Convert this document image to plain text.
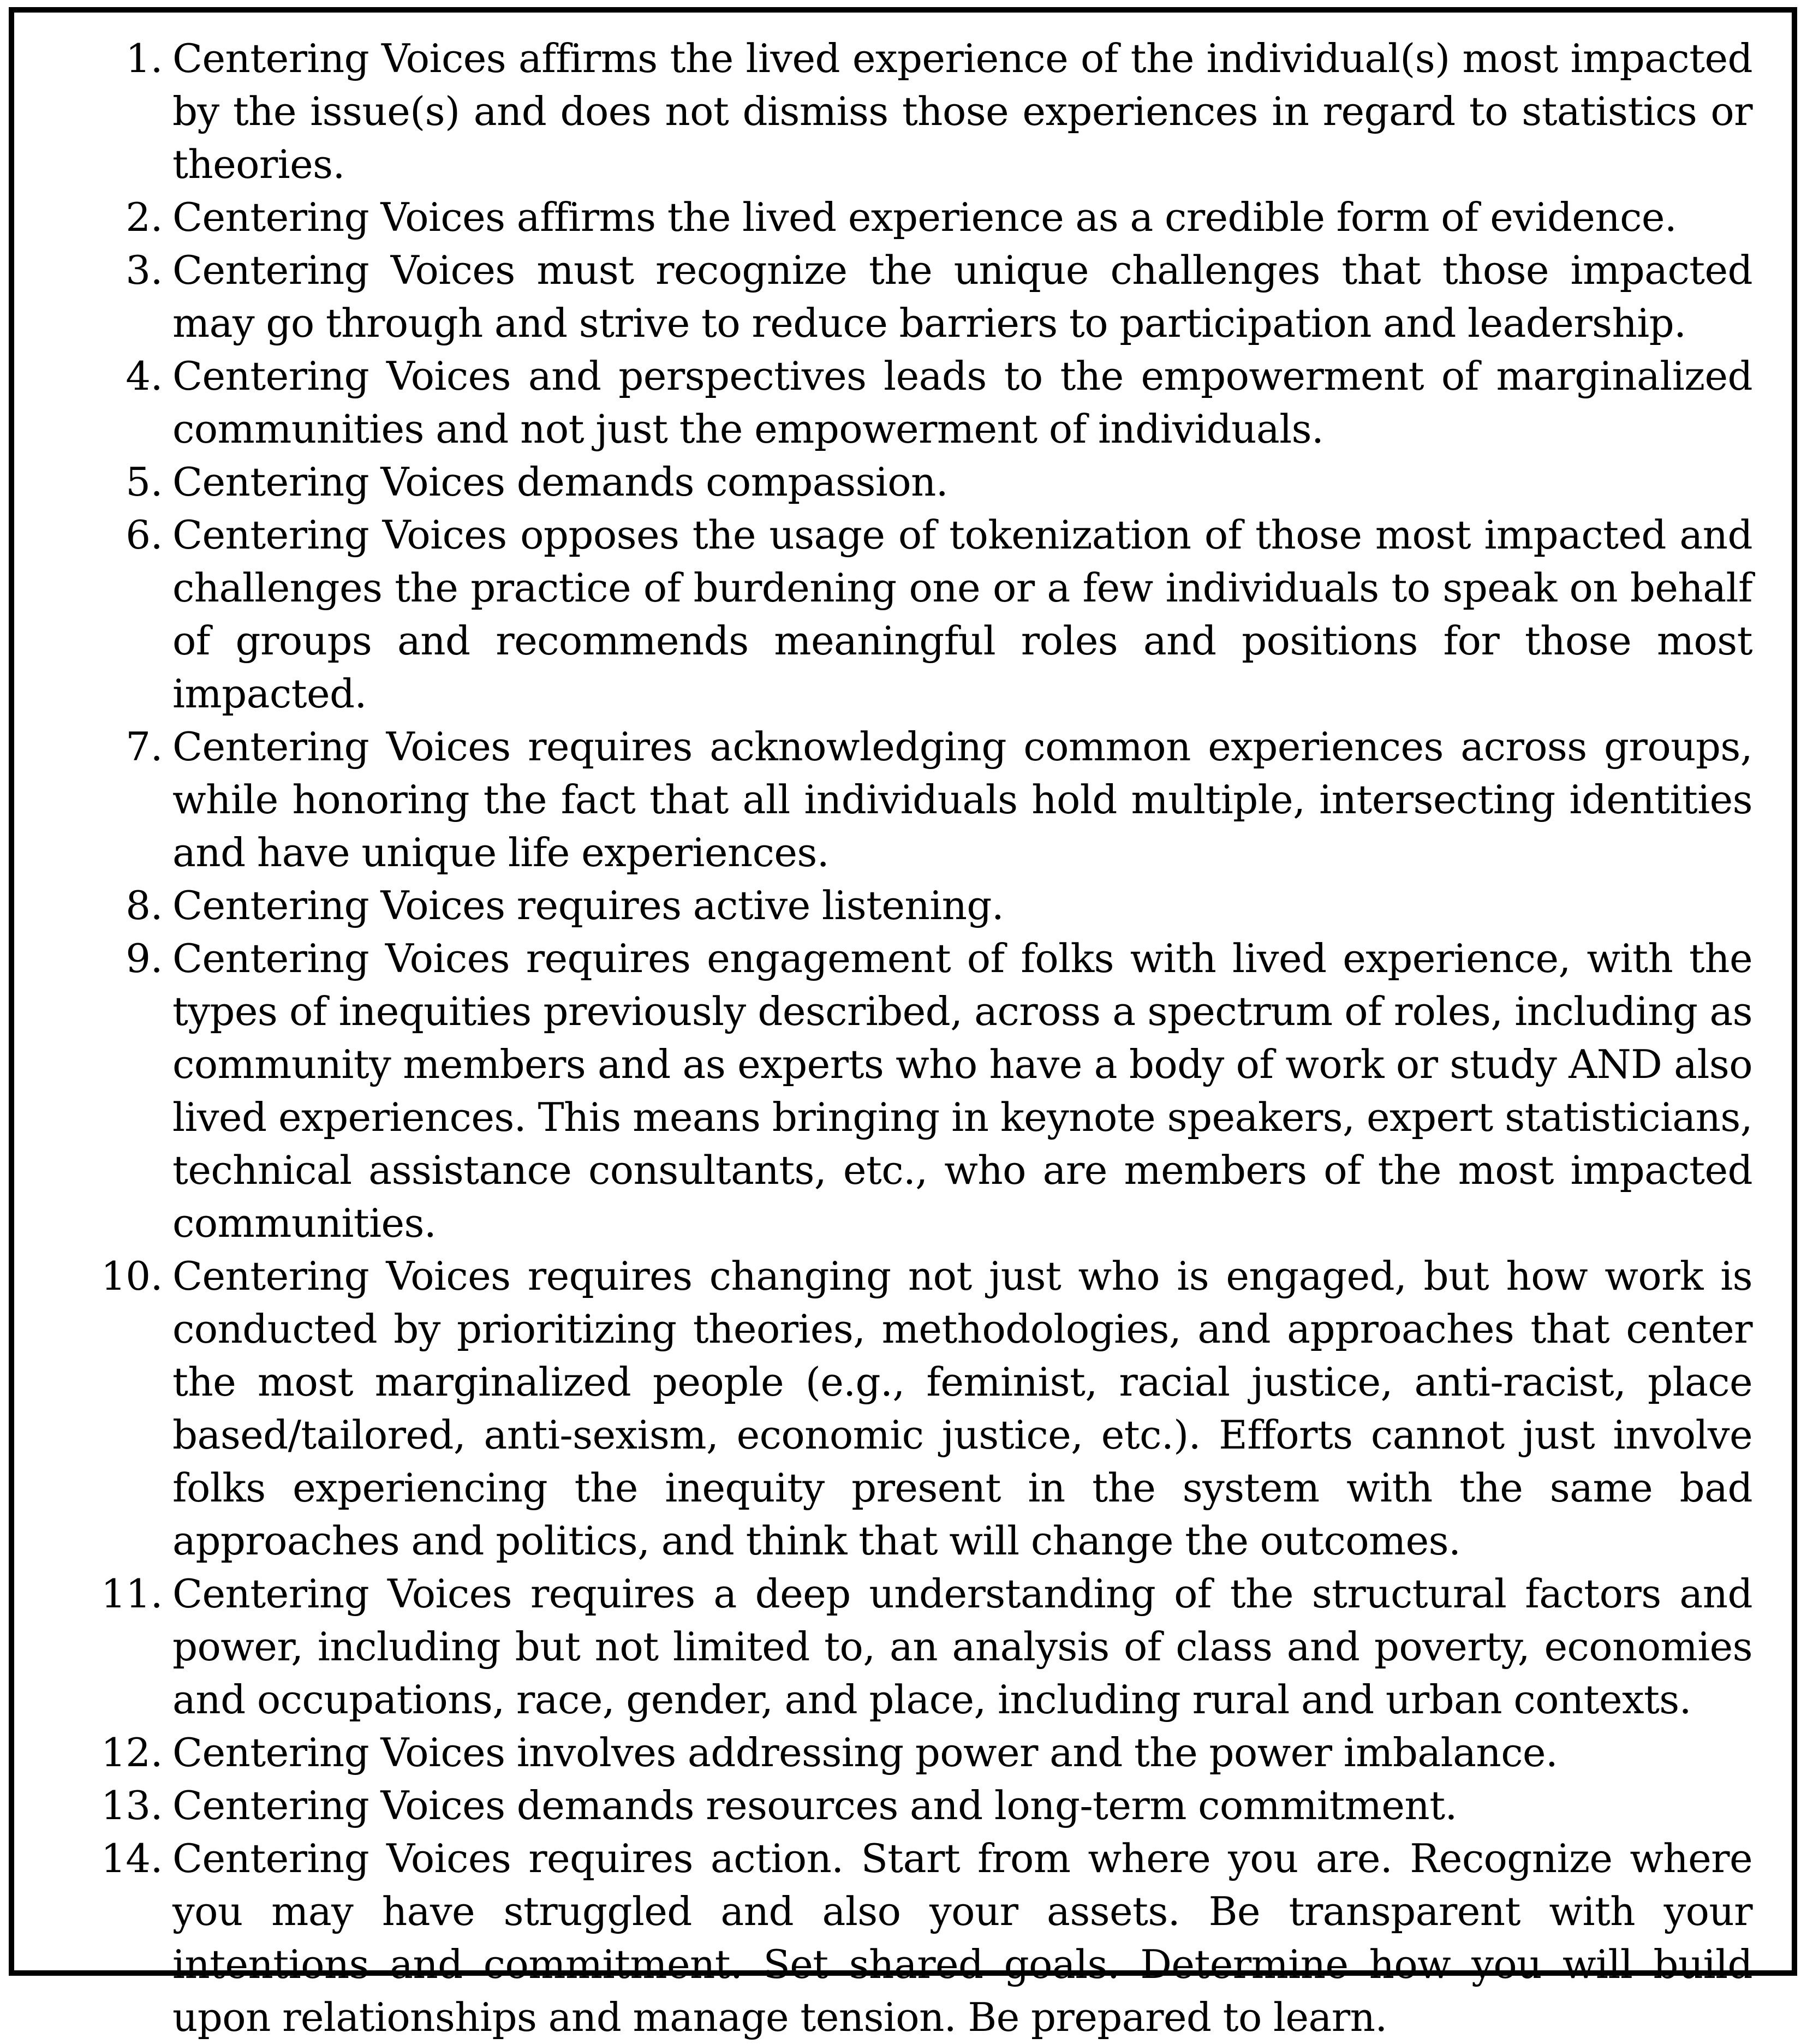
1. Centering Voices affirms the lived experience of the individual(s) most impacted by the issue(s) and does not dismiss those experiences in regard to statistics or theories.
2. Centering Voices affirms the lived experience as a credible form of evidence.
3. Centering Voices must recognize the unique challenges that those impacted may go through and strive to reduce barriers to participation and leadership.
4. Centering Voices and perspectives leads to the empowerment of marginalized communities and not just the empowerment of individuals.
5. Centering Voices demands compassion.
6. Centering Voices opposes the usage of tokenization of those most impacted and challenges the practice of burdening one or a few individuals to speak on behalf of groups and recommends meaningful roles and positions for those most impacted.
7. Centering Voices requires acknowledging common experiences across groups, while honoring the fact that all individuals hold multiple, intersecting identities and have unique life experiences.
8. Centering Voices requires active listening.
9. Centering Voices requires engagement of folks with lived experience, with the types of inequities previously described, across a spectrum of roles, including as community members and as experts who have a body of work or study AND also lived experiences. This means bringing in keynote speakers, expert statisticians, technical assistance consultants, etc., who are members of the most impacted communities.
10. Centering Voices requires changing not just who is engaged, but how work is conducted by prioritizing theories, methodologies, and approaches that center the most marginalized people (e.g., feminist, racial justice, anti-racist, place based/tailored, anti-sexism, economic justice, etc.). Efforts cannot just involve folks experiencing the inequity present in the system with the same bad approaches and politics, and think that will change the outcomes.
11. Centering Voices requires a deep understanding of the structural factors and power, including but not limited to, an analysis of class and poverty, economies and occupations, race, gender, and place, including rural and urban contexts.
12. Centering Voices involves addressing power and the power imbalance.
13. Centering Voices demands resources and long-term commitment.
14. Centering Voices requires action. Start from where you are. Recognize where you may have struggled and also your assets. Be transparent with your intentions and commitment. Set shared goals. Determine how you will build upon relationships and manage tension. Be prepared to learn.
